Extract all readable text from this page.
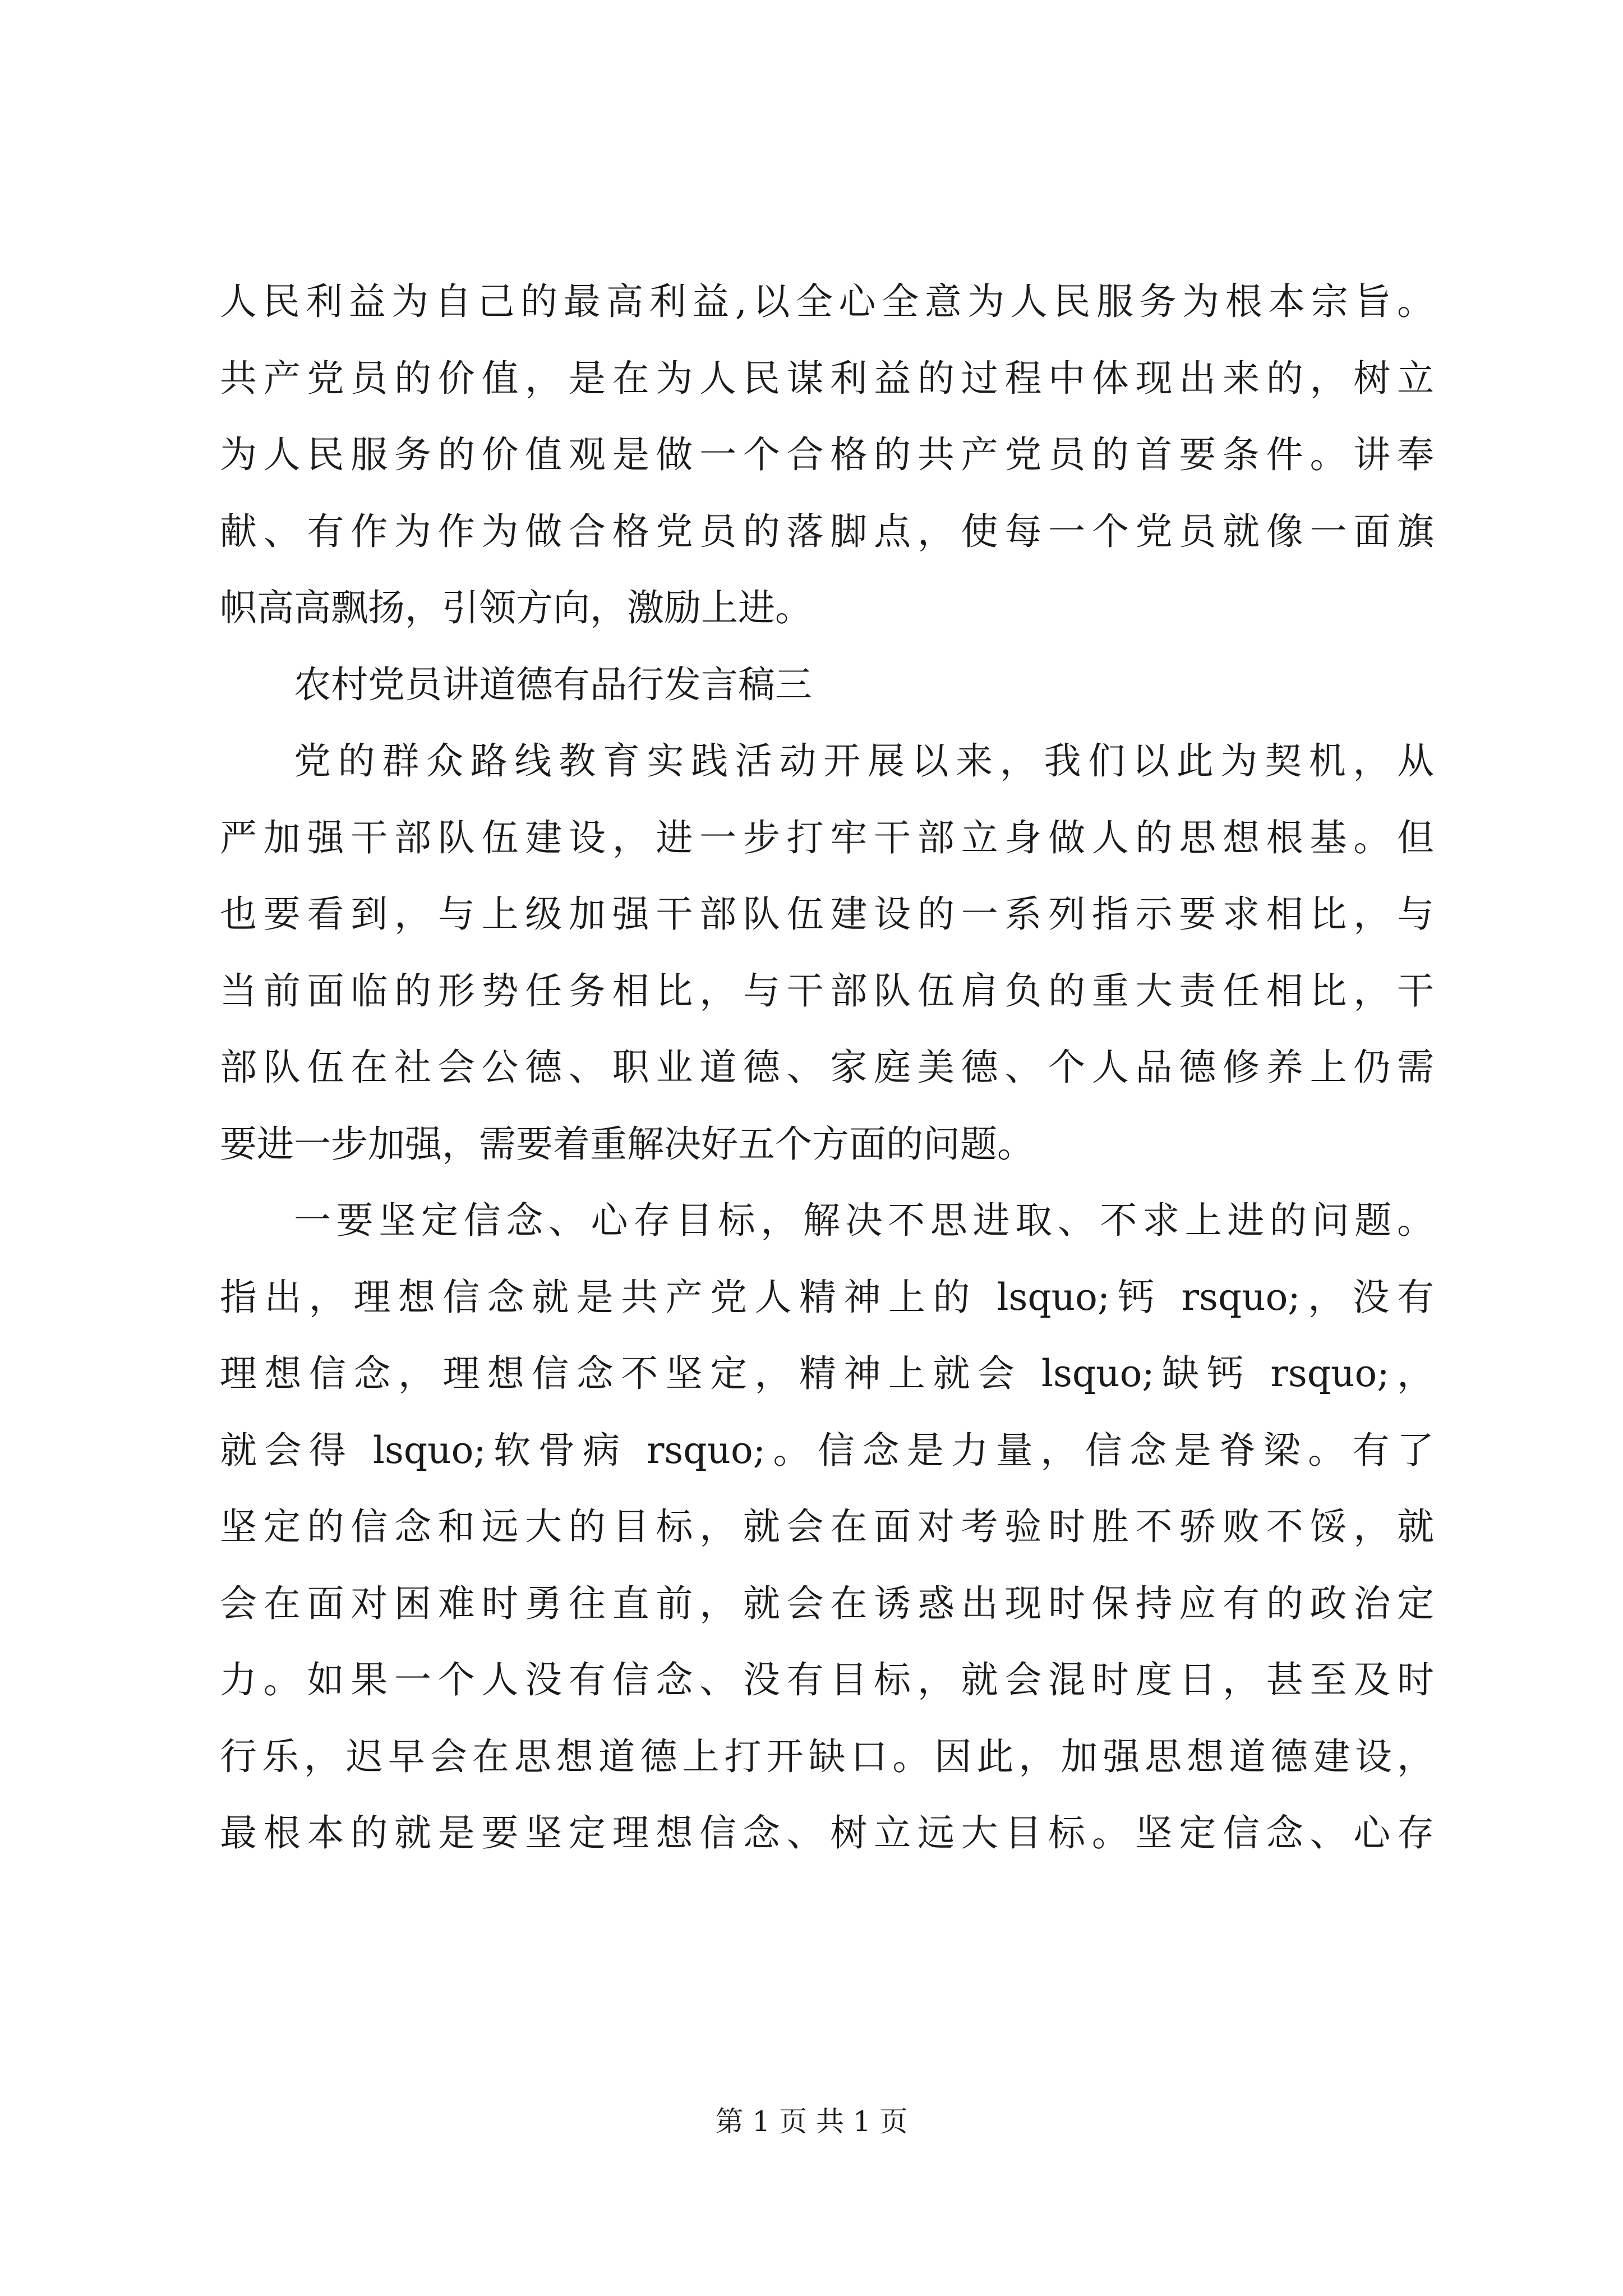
人民利益为自己的最高利益,以全心全意为人民服务为根本宗旨。
共产党员的价值，是在为人民谋利益的过程中体现出来的，树立
为人民服务的价值观是做一个合格的共产党员的首要条件。讲奉
献、有作为作为做合格党员的落脚点，使每一个党员就像一面旗
帜高高飘扬，引领方向，激励上进。
农村党员讲道德有品行发言稿三
党的群众路线教育实践活动开展以来，我们以此为契机，从
严加强干部队伍建设，进一步打牢干部立身做人的思想根基。但
也要看到，与上级加强干部队伍建设的一系列指示要求相比，与
当前面临的形势任务相比，与干部队伍肩负的重大责任相比，干
部队伍在社会公德、职业道德、家庭美德、个人品德修养上仍需
要进一步加强，需要着重解决好五个方面的问题。
一要坚定信念、心存目标，解决不思进取、不求上进的问题。
指出，理想信念就是共产党人精神上的 lsquo;钙 rsquo;，没有
理想信念，理想信念不坚定，精神上就会 lsquo;缺钙 rsquo;，
就会得 lsquo;软骨病 rsquo;。信念是力量，信念是脊梁。有了
坚定的信念和远大的目标，就会在面对考验时胜不骄败不馁，就
会在面对困难时勇往直前，就会在诱惑出现时保持应有的政治定
力。如果一个人没有信念、没有目标，就会混时度日，甚至及时
行乐，迟早会在思想道德上打开缺口。因此，加强思想道德建设，
最根本的就是要坚定理想信念、树立远大目标。坚定信念、心存
第 1 页 共 1 页
